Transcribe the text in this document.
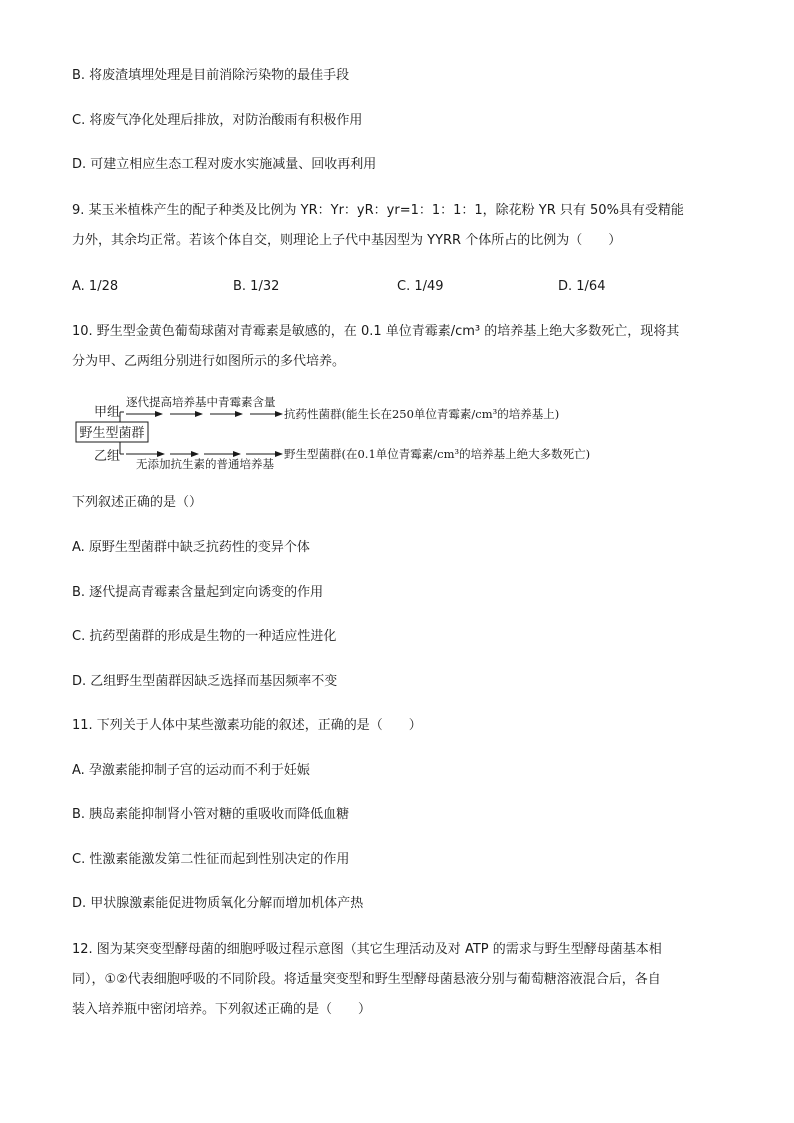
B. 将废渣填埋处理是目前消除污染物的最佳手段
C. 将废气净化处理后排放，对防治酸雨有积极作用
D. 可建立相应生态工程对废水实施减量、回收再利用
9. 某玉米植株产生的配子种类及比例为 YR：Yr：yR：yr=1：1：1：1，除花粉 YR 只有 50%具有受精能
力外，其余均正常。若该个体自交，则理论上子代中基因型为 YYRR 个体所占的比例为（　　）
A. 1/28	B. 1/32	C. 1/49	D. 1/64
10. 野生型金黄色葡萄球菌对青霉素是敏感的，在 0.1 单位青霉素/cm³ 的培养基上绝大多数死亡，现将其
分为甲、乙两组分别进行如图所示的多代培养。
甲组
乙组
野生型菌群
逐代提高培养基中青霉素含量
抗药性菌群(能生长在250单位青霉素/cm³的培养基上)
无添加抗生素的普通培养基
野生型菌群(在0.1单位青霉素/cm³的培养基上绝大多数死亡)
下列叙述正确的是（）
A. 原野生型菌群中缺乏抗药性的变异个体
B. 逐代提高青霉素含量起到定向诱变的作用
C. 抗药型菌群的形成是生物的一种适应性进化
D. 乙组野生型菌群因缺乏选择而基因频率不变
11. 下列关于人体中某些激素功能的叙述，正确的是（　　）
A. 孕激素能抑制子宫的运动而不利于妊娠
B. 胰岛素能抑制肾小管对糖的重吸收而降低血糖
C. 性激素能激发第二性征而起到性别决定的作用
D. 甲状腺激素能促进物质氧化分解而增加机体产热
12. 图为某突变型酵母菌的细胞呼吸过程示意图（其它生理活动及对 ATP 的需求与野生型酵母菌基本相
同），①②代表细胞呼吸的不同阶段。将适量突变型和野生型酵母菌悬液分别与葡萄糖溶液混合后，各自
装入培养瓶中密闭培养。下列叙述正确的是（　　）
